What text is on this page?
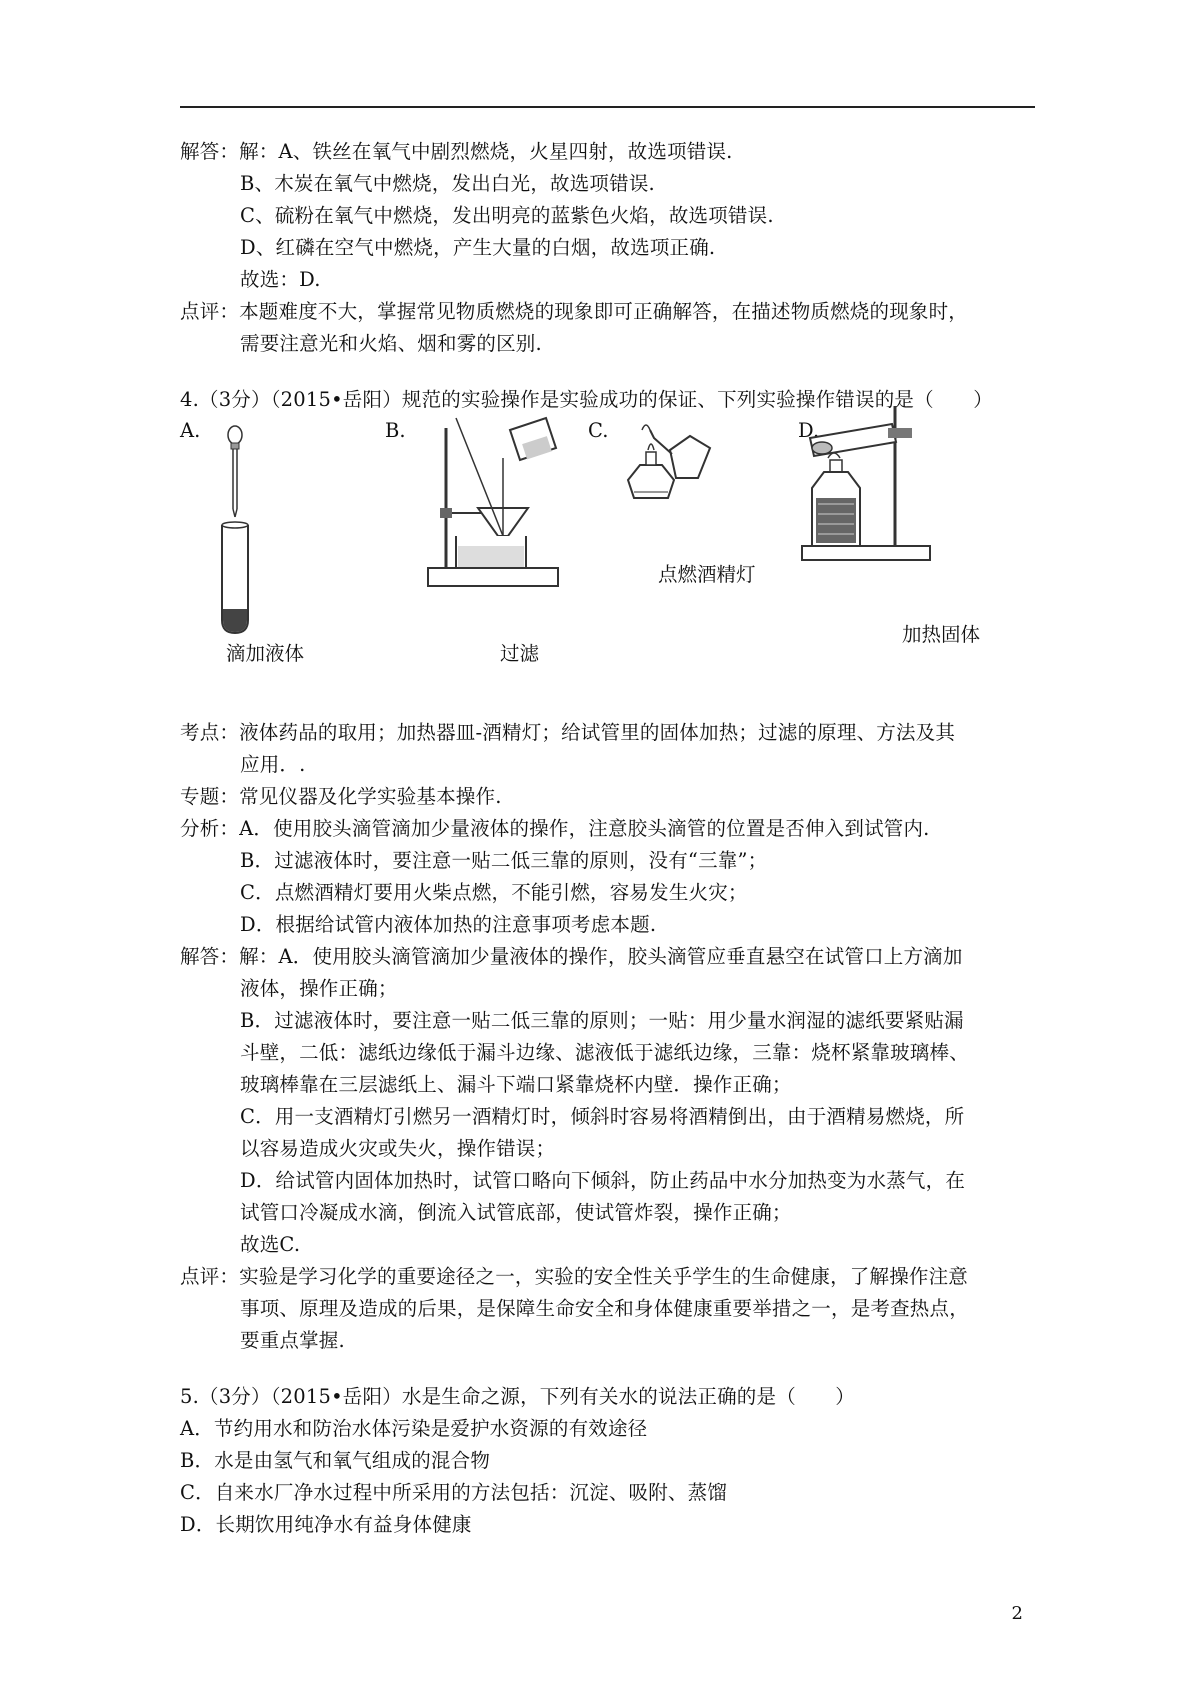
解答：解：A、铁丝在氧气中剧烈燃烧，火星四射，故选项错误.
B、木炭在氧气中燃烧，发出白光，故选项错误.
C、硫粉在氧气中燃烧，发出明亮的蓝紫色火焰，故选项错误.
D、红磷在空气中燃烧，产生大量的白烟，故选项正确.
故选：D.
点评：本题难度不大，掌握常见物质燃烧的现象即可正确解答，在描述物质燃烧的现象时，
需要注意光和火焰、烟和雾的区别.
4.（3分）（2015•岳阳）规范的实验操作是实验成功的保证、下列实验操作错误的是（　　）
A.	B.	C.	D.
滴加液体	过滤
点燃酒精灯
加热固体
考点：液体药品的取用；加热器皿-酒精灯；给试管里的固体加热；过滤的原理、方法及其
应用．.
专题：常见仪器及化学实验基本操作.
分析：A．使用胶头滴管滴加少量液体的操作，注意胶头滴管的位置是否伸入到试管内.
B．过滤液体时，要注意一贴二低三靠的原则，没有“三靠”；
C．点燃酒精灯要用火柴点燃，不能引燃，容易发生火灾；
D．根据给试管内液体加热的注意事项考虑本题.
解答：解：A．使用胶头滴管滴加少量液体的操作，胶头滴管应垂直悬空在试管口上方滴加
液体，操作正确；
B．过滤液体时，要注意一贴二低三靠的原则；一贴：用少量水润湿的滤纸要紧贴漏
斗壁，二低：滤纸边缘低于漏斗边缘、滤液低于滤纸边缘，三靠：烧杯紧靠玻璃棒、
玻璃棒靠在三层滤纸上、漏斗下端口紧靠烧杯内壁．操作正确；
C．用一支酒精灯引燃另一酒精灯时，倾斜时容易将酒精倒出，由于酒精易燃烧，所
以容易造成火灾或失火，操作错误；
D．给试管内固体加热时，试管口略向下倾斜，防止药品中水分加热变为水蒸气，在
试管口冷凝成水滴，倒流入试管底部，使试管炸裂，操作正确；
故选C.
点评：实验是学习化学的重要途径之一，实验的安全性关乎学生的生命健康，了解操作注意
事项、原理及造成的后果，是保障生命安全和身体健康重要举措之一，是考查热点，
要重点掌握.
5.（3分）（2015•岳阳）水是生命之源，下列有关水的说法正确的是（　　）
A．节约用水和防治水体污染是爱护水资源的有效途径
B．水是由氢气和氧气组成的混合物
C．自来水厂净水过程中所采用的方法包括：沉淀、吸附、蒸馏
D．长期饮用纯净水有益身体健康
2
